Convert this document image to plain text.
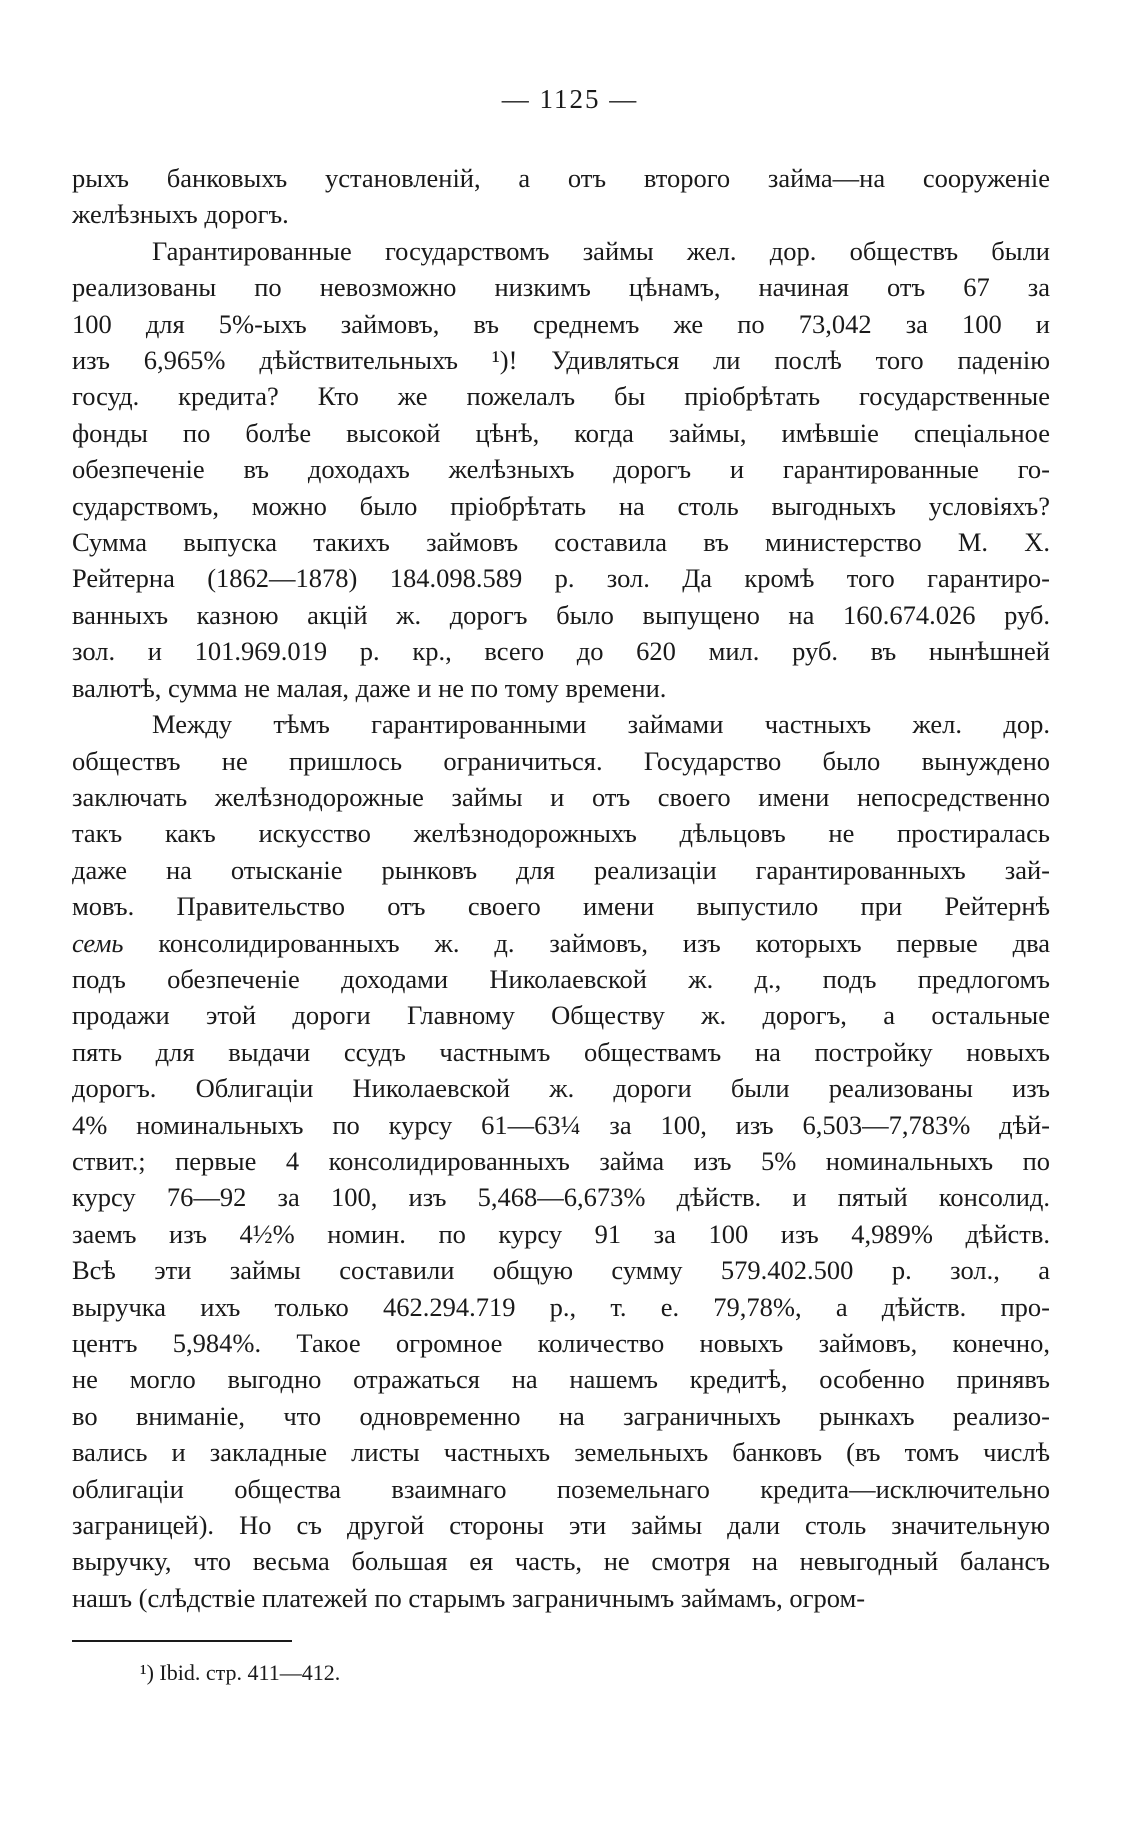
— 1125 —

рыхъ банковыхъ установленій, а отъ второго займа—на сооруженіе
желѣзныхъ дорогъ.

Гарантированные государствомъ займы жел. дор. обществъ были
реализованы по невозможно низкимъ цѣнамъ, начиная отъ 67 за
100 для 5%-ыхъ займовъ, въ среднемъ же по 73,042 за 100 и
изъ 6,965% дѣйствительныхъ ¹)! Удивляться ли послѣ того паденію
госуд. кредита? Кто же пожелалъ бы пріобрѣтать государственные
фонды по болѣе высокой цѣнѣ, когда займы, имѣвшіе спеціальное
обезпеченіе въ доходахъ желѣзныхъ дорогъ и гарантированные го-
сударствомъ, можно было пріобрѣтать на столь выгодныхъ условіяхъ?
Сумма выпуска такихъ займовъ составила въ министерство М. Х.
Рейтерна (1862—1878) 184.098.589 р. зол. Да кромѣ того гарантиро-
ванныхъ казною акцій ж. дорогъ было выпущено на 160.674.026 руб.
зол. и 101.969.019 р. кр., всего до 620 мил. руб. въ нынѣшней
валютѣ, сумма не малая, даже и не по тому времени.

Между тѣмъ гарантированными займами частныхъ жел. дор.
обществъ не пришлось ограничиться. Государство было вынуждено
заключать желѣзнодорожные займы и отъ своего имени непосредственно
такъ какъ искусство желѣзнодорожныхъ дѣльцовъ не простиралась
даже на отысканіе рынковъ для реализаціи гарантированныхъ зай-
мовъ. Правительство отъ своего имени выпустило при Рейтернѣ
семь консолидированныхъ ж. д. займовъ, изъ которыхъ первые два
подъ обезпеченіе доходами Николаевской ж. д., подъ предлогомъ
продажи этой дороги Главному Обществу ж. дорогъ, а остальные
пять для выдачи ссудъ частнымъ обществамъ на постройку новыхъ
дорогъ. Облигаціи Николаевской ж. дороги были реализованы изъ
4% номинальныхъ по курсу 61—63¼ за 100, изъ 6,503—7,783% дѣй-
ствит.; первые 4 консолидированныхъ займа изъ 5% номинальныхъ по
курсу 76—92 за 100, изъ 5,468—6,673% дѣйств. и пятый консолид.
заемъ изъ 4½% номин. по курсу 91 за 100 изъ 4,989% дѣйств.
Всѣ эти займы составили общую сумму 579.402.500 р. зол., а
выручка ихъ только 462.294.719 р., т. е. 79,78%, а дѣйств. про-
центъ 5,984%. Такое огромное количество новыхъ займовъ, конечно,
не могло выгодно отражаться на нашемъ кредитѣ, особенно принявъ
во вниманіе, что одновременно на заграничныхъ рынкахъ реализо-
вались и закладные листы частныхъ земельныхъ банковъ (въ томъ числѣ
облигаціи общества взаимнаго поземельнаго кредита—исключительно
заграницей). Но съ другой стороны эти займы дали столь значительную
выручку, что весьма большая ея часть, не смотря на невыгодный балансъ
нашъ (слѣдствіе платежей по старымъ заграничнымъ займамъ, огром-

¹) Ibid. стр. 411—412.
